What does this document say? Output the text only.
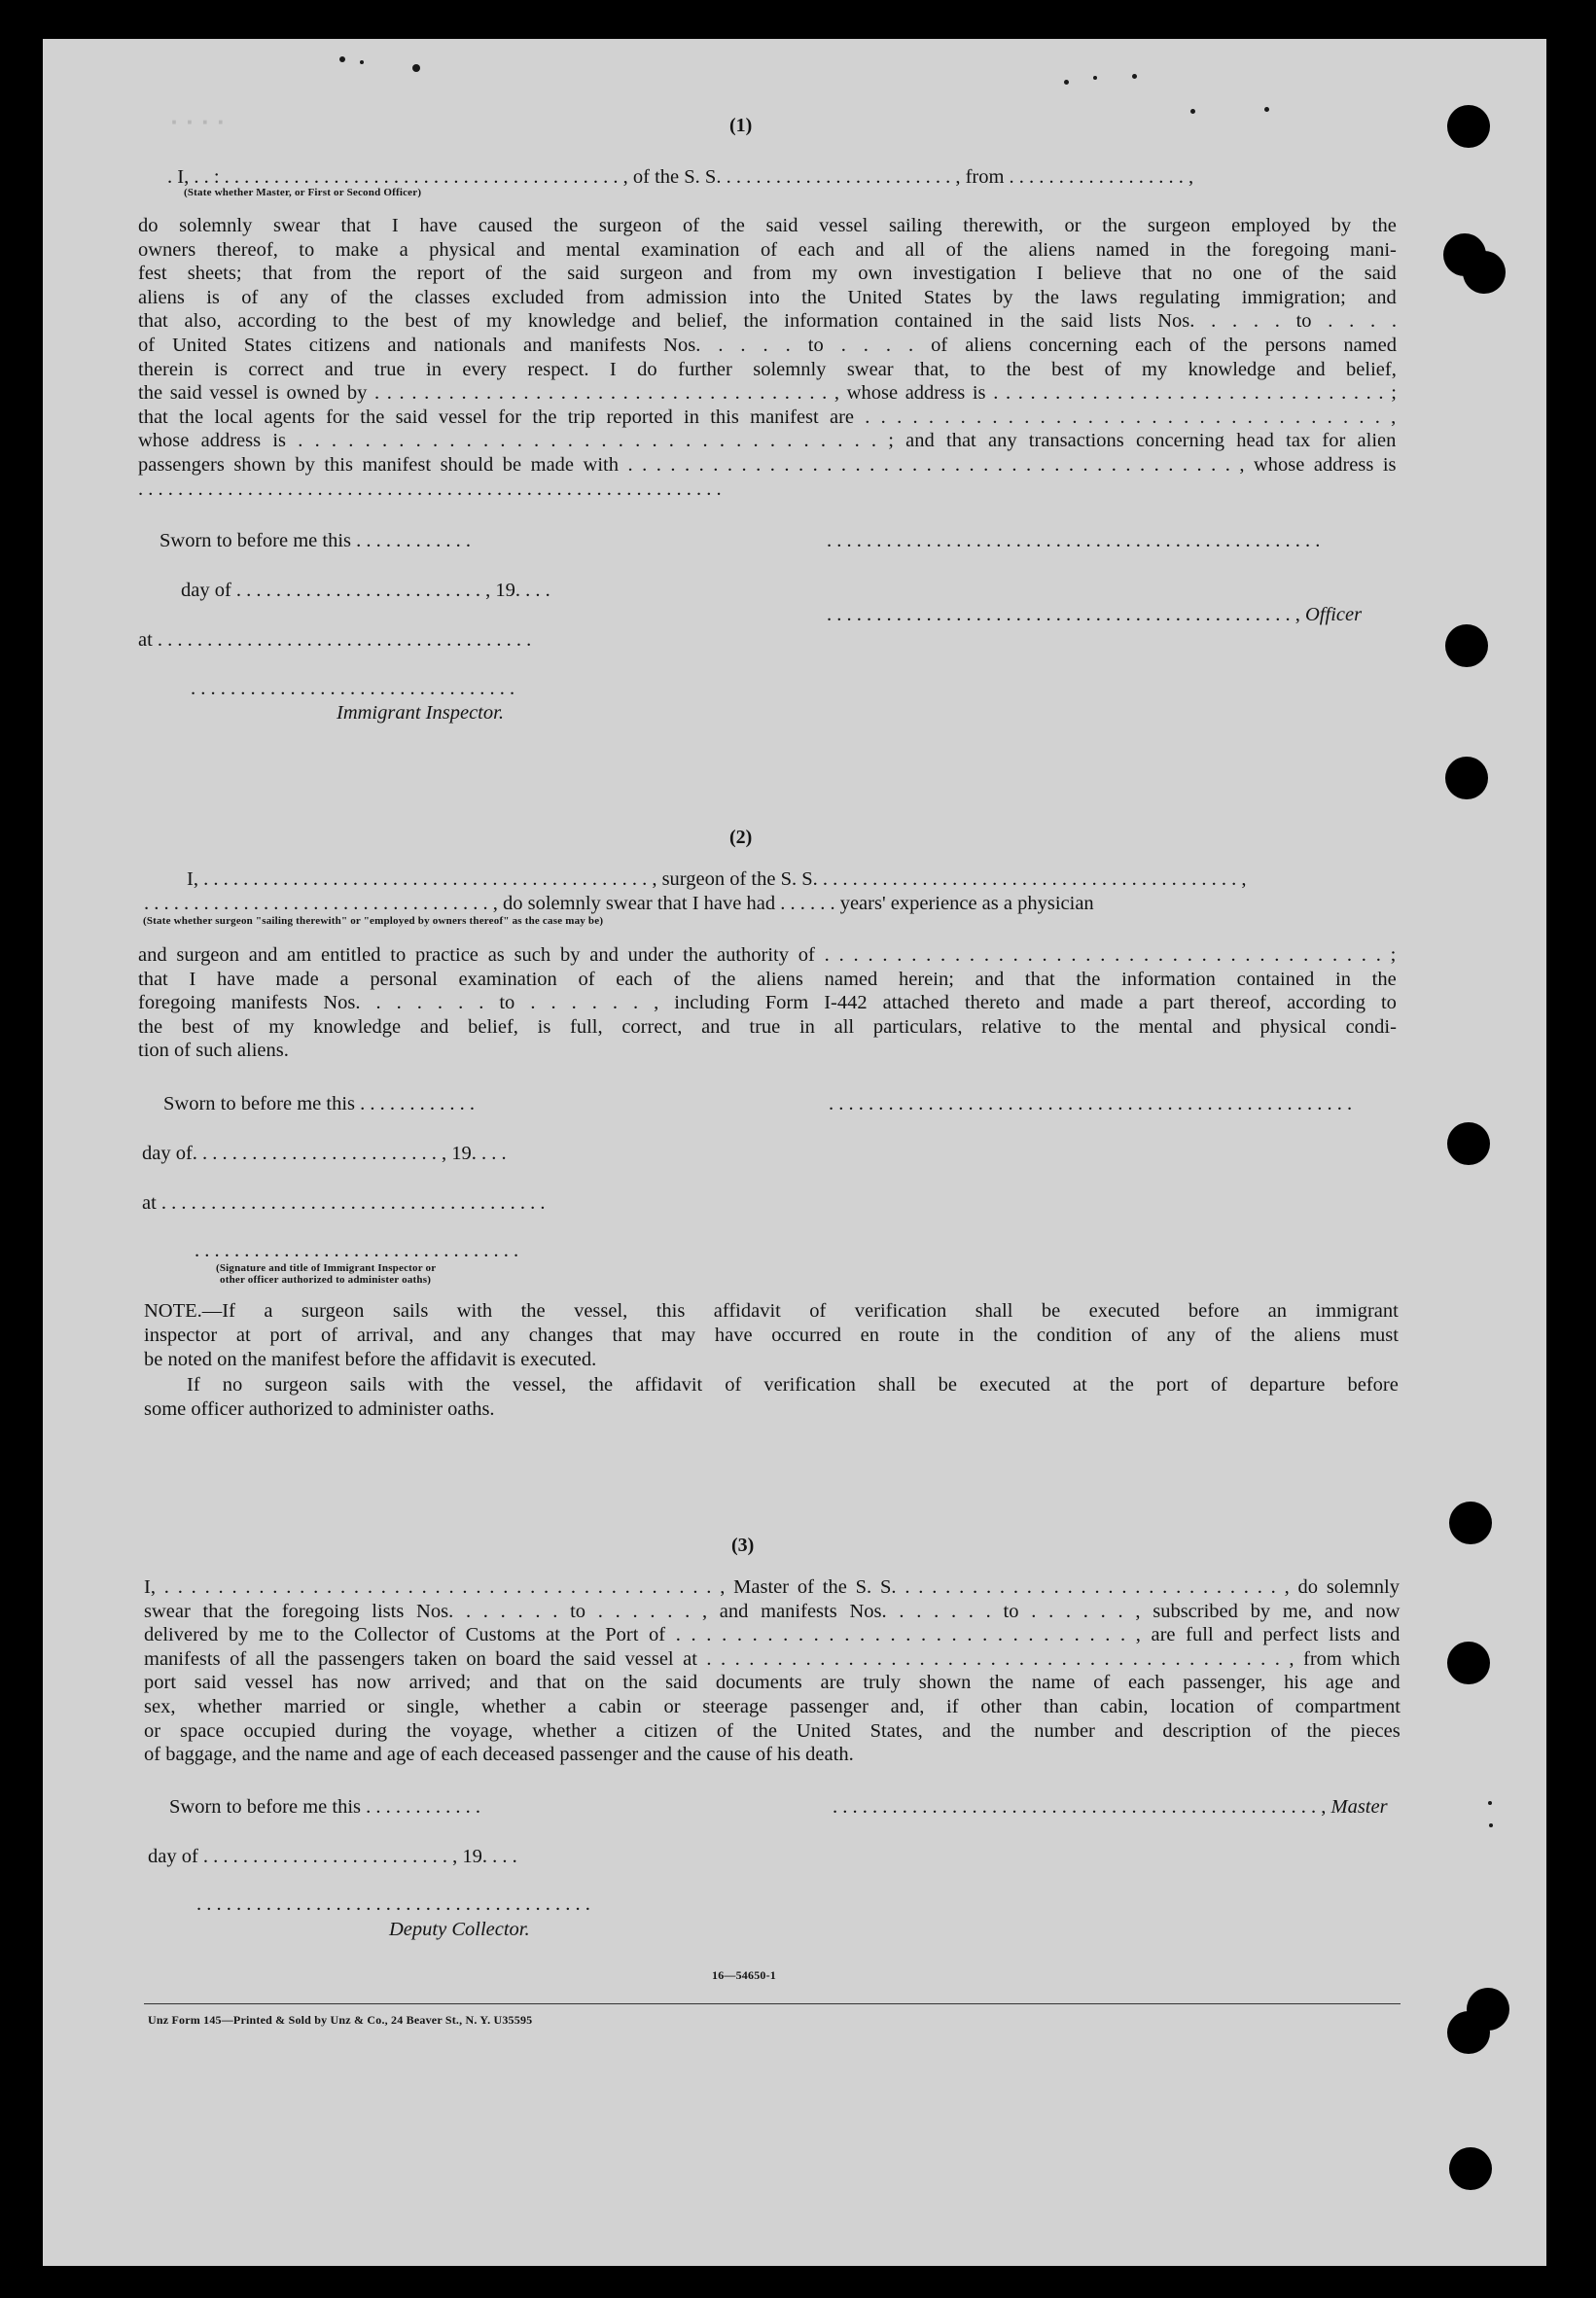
· · · ·	(1)
. I, . . : . . . . . . . . . . . . . . . . . . . . . . . . . . . . . . . . . . . . . . . . , of the S. S. . . . . . . . . . . . . . . . . . . . . . . . , from . . . . . . . . . . . . . . . . . . ,
(State whether Master, or First or Second Officer)
do solemnly swear that I have caused the surgeon of the said vessel sailing therewith, or the surgeon employed by the
owners thereof, to make a physical and mental examination of each and all of the aliens named in the foregoing mani-
fest sheets; that from the report of the said surgeon and from my own investigation I believe that no one of the said
aliens is of any of the classes excluded from admission into the United States by the laws regulating immigration; and
that also, according to the best of my knowledge and belief, the information contained in the said lists Nos. . . . . to . . . .
of United States citizens and nationals and manifests Nos. . . . . to . . . . of aliens concerning each of the persons named
therein is correct and true in every respect. I do further solemnly swear that, to the best of my knowledge and belief,
the said vessel is owned by . . . . . . . . . . . . . . . . . . . . . . . . . . . . . . . . . . . . . , whose address is . . . . . . . . . . . . . . . . . . . . . . . . . . . . . . . . ;
that the local agents for the said vessel for the trip reported in this manifest are . . . . . . . . . . . . . . . . . . . . . . . . . . . . . . . . . ,
whose address is . . . . . . . . . . . . . . . . . . . . . . . . . . . . . . . . . . . ; and that any transactions concerning head tax for alien
passengers shown by this manifest should be made with . . . . . . . . . . . . . . . . . . . . . . . . . . . . . . . . . . . . . . . . . . . , whose address is
. . . . . . . . . . . . . . . . . . . . . . . . . . . . . . . . . . . . . . . . . . . . . . . . . . . . . . . . . . .
Sworn to before me this . . . . . . . . . . . .	. . . . . . . . . . . . . . . . . . . . . . . . . . . . . . . . . . . . . . . . . . . . . . . . . .
day of . . . . . . . . . . . . . . . . . . . . . . . . . , 19. . . .
. . . . . . . . . . . . . . . . . . . . . . . . . . . . . . . . . . . . . . . . . . . . . . . , Officer
at . . . . . . . . . . . . . . . . . . . . . . . . . . . . . . . . . . . . . .
. . . . . . . . . . . . . . . . . . . . . . . . . . . . . . . . .
Immigrant Inspector.
(2)
I, . . . . . . . . . . . . . . . . . . . . . . . . . . . . . . . . . . . . . . . . . . . . . , surgeon of the S. S. . . . . . . . . . . . . . . . . . . . . . . . . . . . . . . . . . . . . . . . . . . ,
. . . . . . . . . . . . . . . . . . . . . . . . . . . . . . . . . . . , do solemnly swear that I have had . . . . . . years' experience as a physician
(State whether surgeon "sailing therewith" or "employed by owners thereof" as the case may be)
and surgeon and am entitled to practice as such by and under the authority of . . . . . . . . . . . . . . . . . . . . . . . . . . . . . . . . . . . . . . . ;
that I have made a personal examination of each of the aliens named herein; and that the information contained in the
foregoing manifests Nos. . . . . . . to . . . . . . , including Form I-442 attached thereto and made a part thereof, according to
the best of my knowledge and belief, is full, correct, and true in all particulars, relative to the mental and physical condi-
tion of such aliens.
Sworn to before me this . . . . . . . . . . . .	. . . . . . . . . . . . . . . . . . . . . . . . . . . . . . . . . . . . . . . . . . . . . . . . . . . . .
day of. . . . . . . . . . . . . . . . . . . . . . . . . , 19. . . .
at . . . . . . . . . . . . . . . . . . . . . . . . . . . . . . . . . . . . . . .
. . . . . . . . . . . . . . . . . . . . . . . . . . . . . . . . .
(Signature and title of Immigrant Inspector or
other officer authorized to administer oaths)
NOTE.—If a surgeon sails with the vessel, this affidavit of verification shall be executed before an immigrant
inspector at port of arrival, and any changes that may have occurred en route in the condition of any of the aliens must
be noted on the manifest before the affidavit is executed.
If no surgeon sails with the vessel, the affidavit of verification shall be executed at the port of departure before
some officer authorized to administer oaths.
(3)
I, . . . . . . . . . . . . . . . . . . . . . . . . . . . . . . . . . . . . . . . . . , Master of the S. S. . . . . . . . . . . . . . . . . . . . . . . . . . . . . , do solemnly
swear that the foregoing lists Nos. . . . . . . to . . . . . . , and manifests Nos. . . . . . . to . . . . . . , subscribed by me, and now
delivered by me to the Collector of Customs at the Port of . . . . . . . . . . . . . . . . . . . . . . . . . . . . . . , are full and perfect lists and
manifests of all the passengers taken on board the said vessel at . . . . . . . . . . . . . . . . . . . . . . . . . . . . . . . . . . . . . . . . . , from which
port said vessel has now arrived; and that on the said documents are truly shown the name of each passenger, his age and
sex, whether married or single, whether a cabin or steerage passenger and, if other than cabin, location of compartment
or space occupied during the voyage, whether a citizen of the United States, and the number and description of the pieces
of baggage, and the name and age of each deceased passenger and the cause of his death.
Sworn to before me this . . . . . . . . . . . .	. . . . . . . . . . . . . . . . . . . . . . . . . . . . . . . . . . . . . . . . . . . . . . . . . , Master
day of . . . . . . . . . . . . . . . . . . . . . . . . . , 19. . . .
. . . . . . . . . . . . . . . . . . . . . . . . . . . . . . . . . . . . . . . .
Deputy Collector.
16—54650-1
Unz Form 145—Printed & Sold by Unz & Co., 24 Beaver St., N. Y. U35595
